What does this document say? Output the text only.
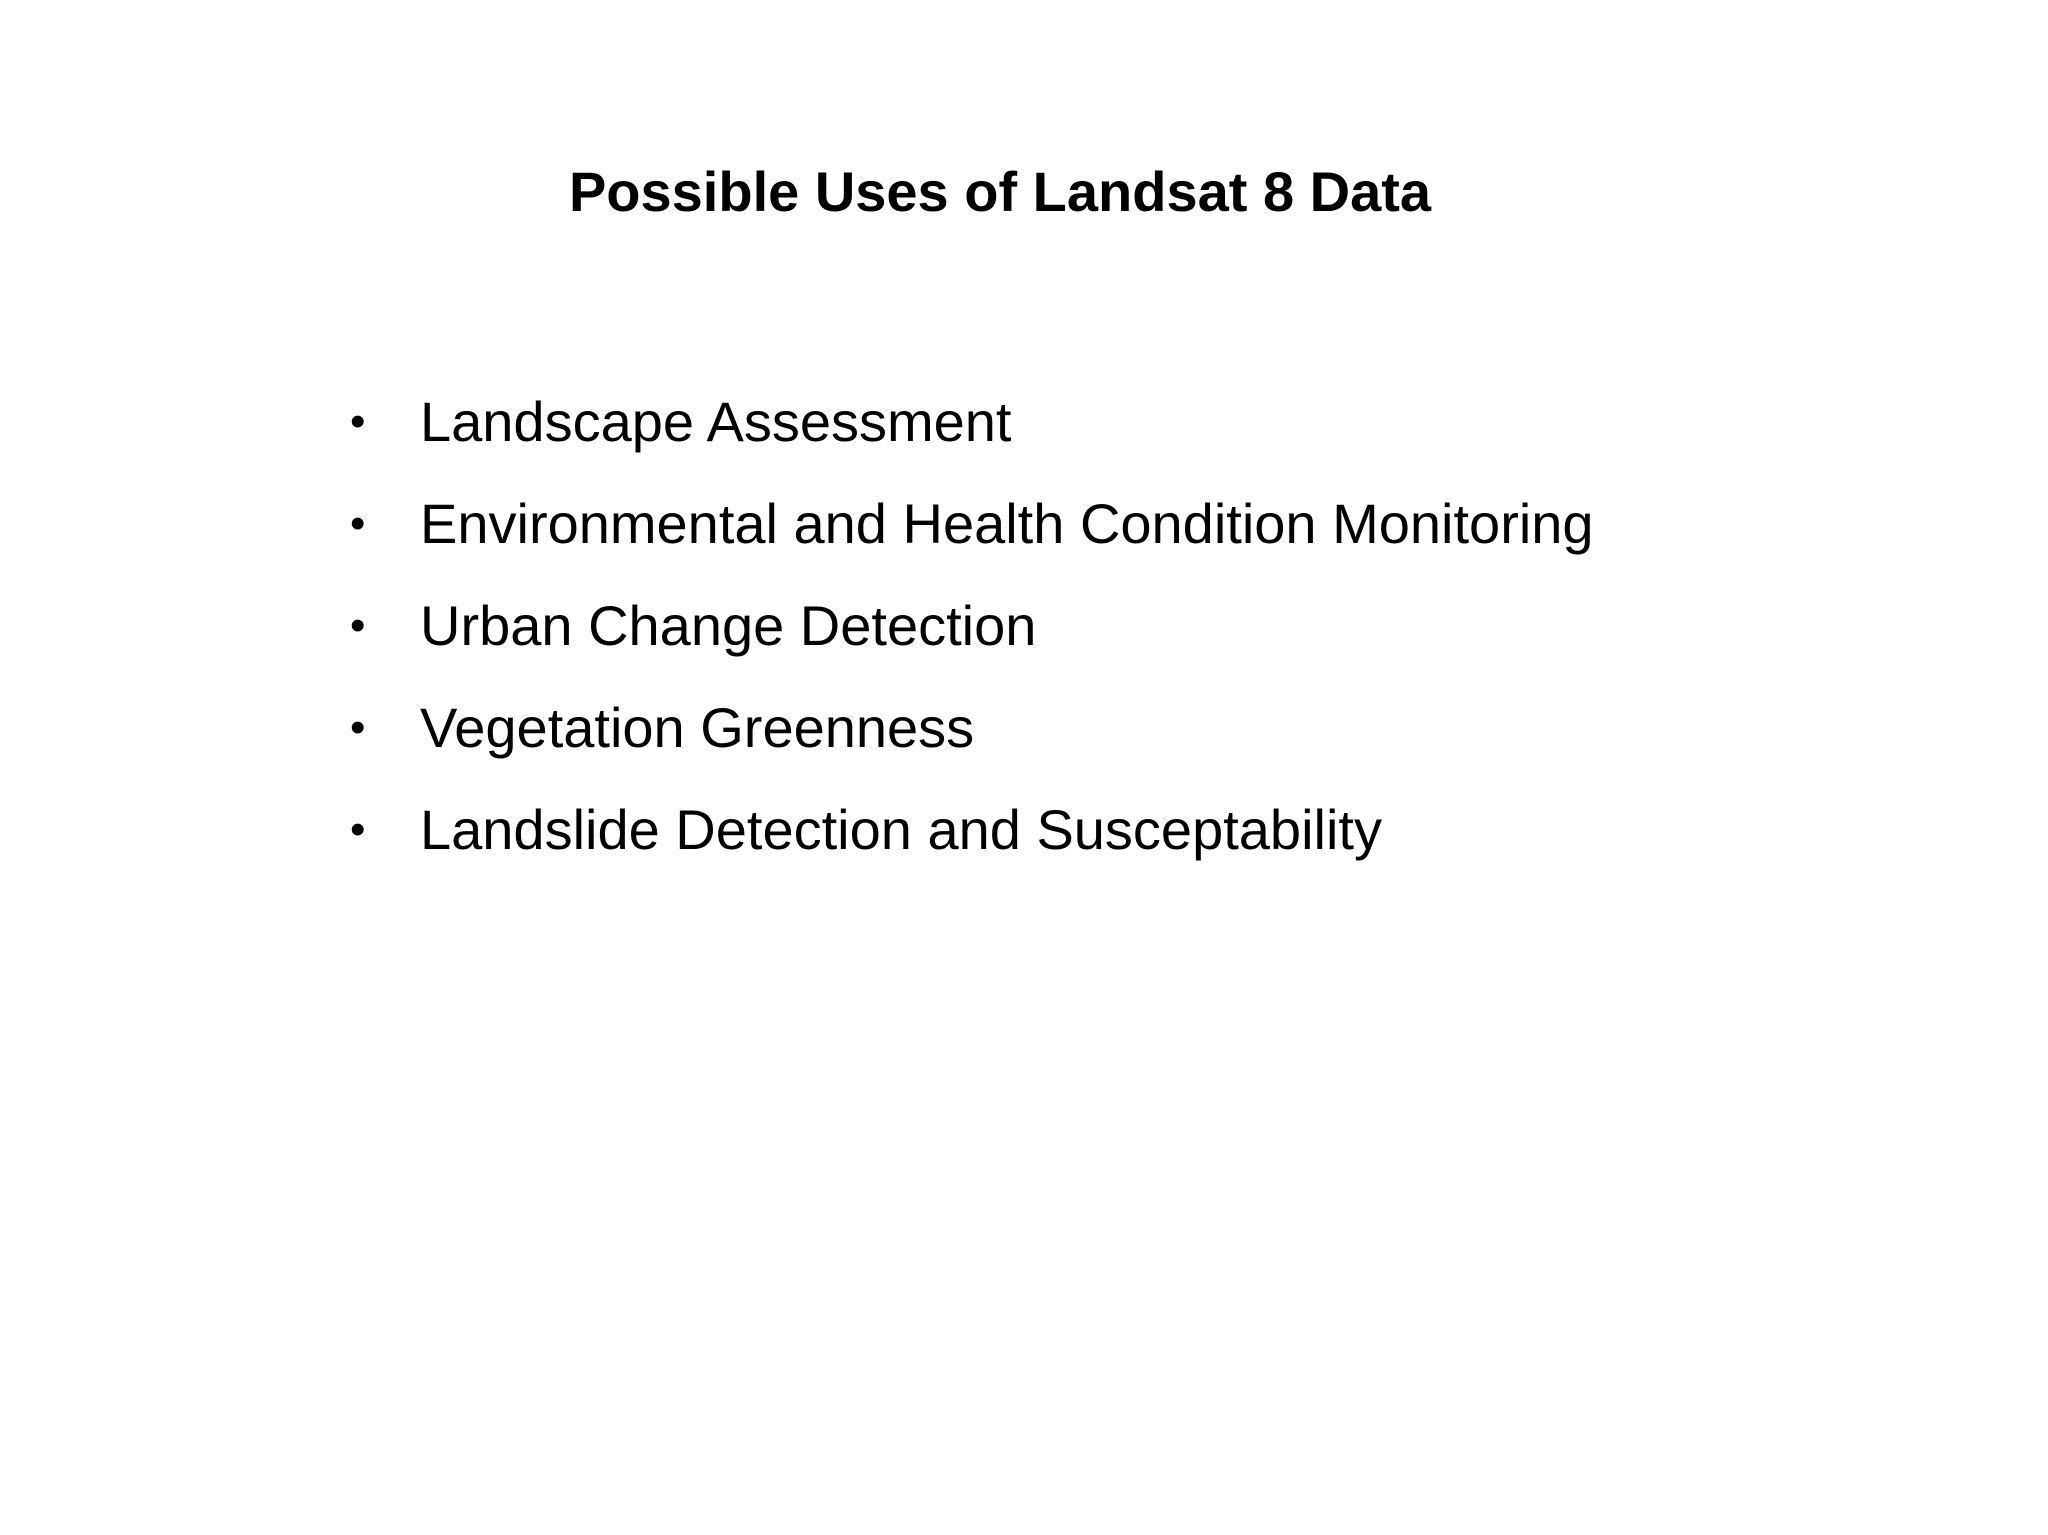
Possible Uses of Landsat 8 Data
• Landscape Assessment
• Environmental and Health Condition Monitoring
• Urban Change Detection
• Vegetation Greenness
• Landslide Detection and Susceptability
